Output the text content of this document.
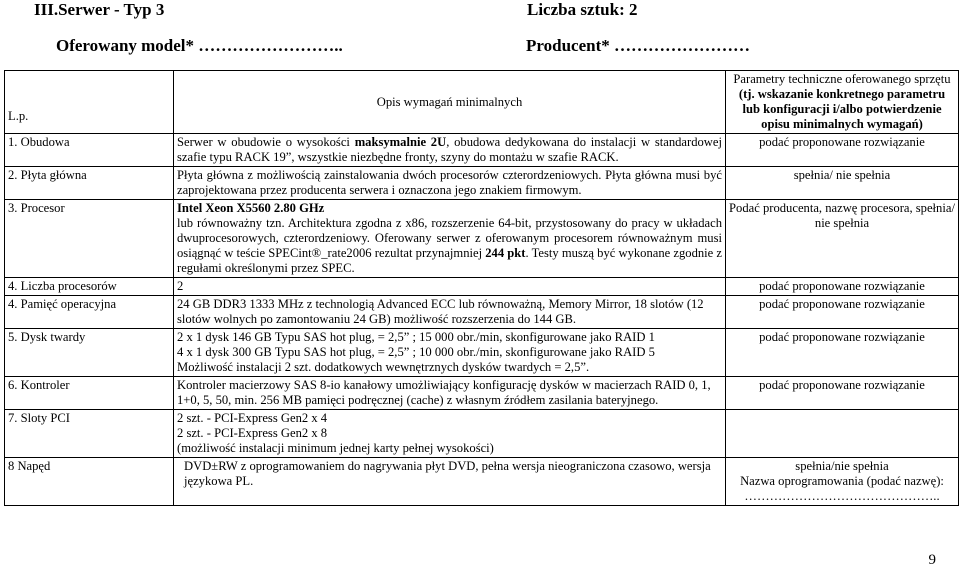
III.Serwer - Typ 3	Liczba sztuk: 2
Oferowany model* ……………………..	Producent* ……………………
L.p.	Opis wymagań minimalnych	Parametry techniczne oferowanego sprzętu
(tj. wskazanie konkretnego parametru lub konfiguracji i/albo potwierdzenie opisu minimalnych wymagań)

1. Obudowa	Serwer w obudowie o wysokości maksymalnie 2U, obudowa dedykowana do instalacji w standardowej szafie typu RACK 19”, wszystkie niezbędne fronty, szyny do montażu w szafie RACK.	podać proponowane rozwiązanie
2. Płyta główna	Płyta główna z możliwością zainstalowania dwóch procesorów czterordzeniowych. Płyta główna musi być zaprojektowana przez producenta serwera i oznaczona jego znakiem firmowym.	spełnia/ nie spełnia
3. Procesor	Intel Xeon X5560 2.80 GHz
lub równoważny tzn. Architektura zgodna z x86, rozszerzenie 64-bit, przystosowany do pracy w układach dwuprocesorowych, czterordzeniowy. Oferowany serwer z oferowanym procesorem równoważnym musi osiągnąć w teście SPECint®_rate2006 rezultat przynajmniej 244 pkt. Testy muszą być wykonane zgodnie z regułami określonymi przez SPEC.	Podać producenta, nazwę procesora, spełnia/ nie spełnia
4. Liczba procesorów	2	podać proponowane rozwiązanie
4. Pamięć operacyjna	24 GB DDR3 1333 MHz z technologią Advanced ECC lub równoważną, Memory Mirror, 18 slotów (12 slotów wolnych po zamontowaniu 24 GB) możliwość rozszerzenia do 144 GB.	podać proponowane rozwiązanie
5. Dysk twardy	2 x 1 dysk 146 GB Typu SAS hot plug, = 2,5” ; 15 000 obr./min, skonfigurowane jako RAID 1
4 x 1 dysk 300 GB Typu SAS hot plug, = 2,5” ; 10 000 obr./min, skonfigurowane jako RAID 5
Możliwość instalacji 2 szt. dodatkowych wewnętrznych dysków twardych = 2,5”.	podać proponowane rozwiązanie
6. Kontroler	Kontroler macierzowy SAS 8-io kanałowy umożliwiający konfigurację dysków w macierzach RAID 0, 1, 1+0, 5, 50, min. 256 MB pamięci podręcznej (cache) z własnym źródłem zasilania bateryjnego.	podać proponowane rozwiązanie
7. Sloty PCI	2 szt. - PCI-Express Gen2 x 4
2 szt. - PCI-Express Gen2 x 8
(możliwość instalacji minimum jednej karty pełnej wysokości)	

8 Napęd	DVD±RW z oprogramowaniem do nagrywania płyt DVD, pełna wersja nieograniczona czasowo, wersja językowa PL.	spełnia/nie spełnia
Nazwa oprogramowania (podać nazwę):
………………………………………..
9
